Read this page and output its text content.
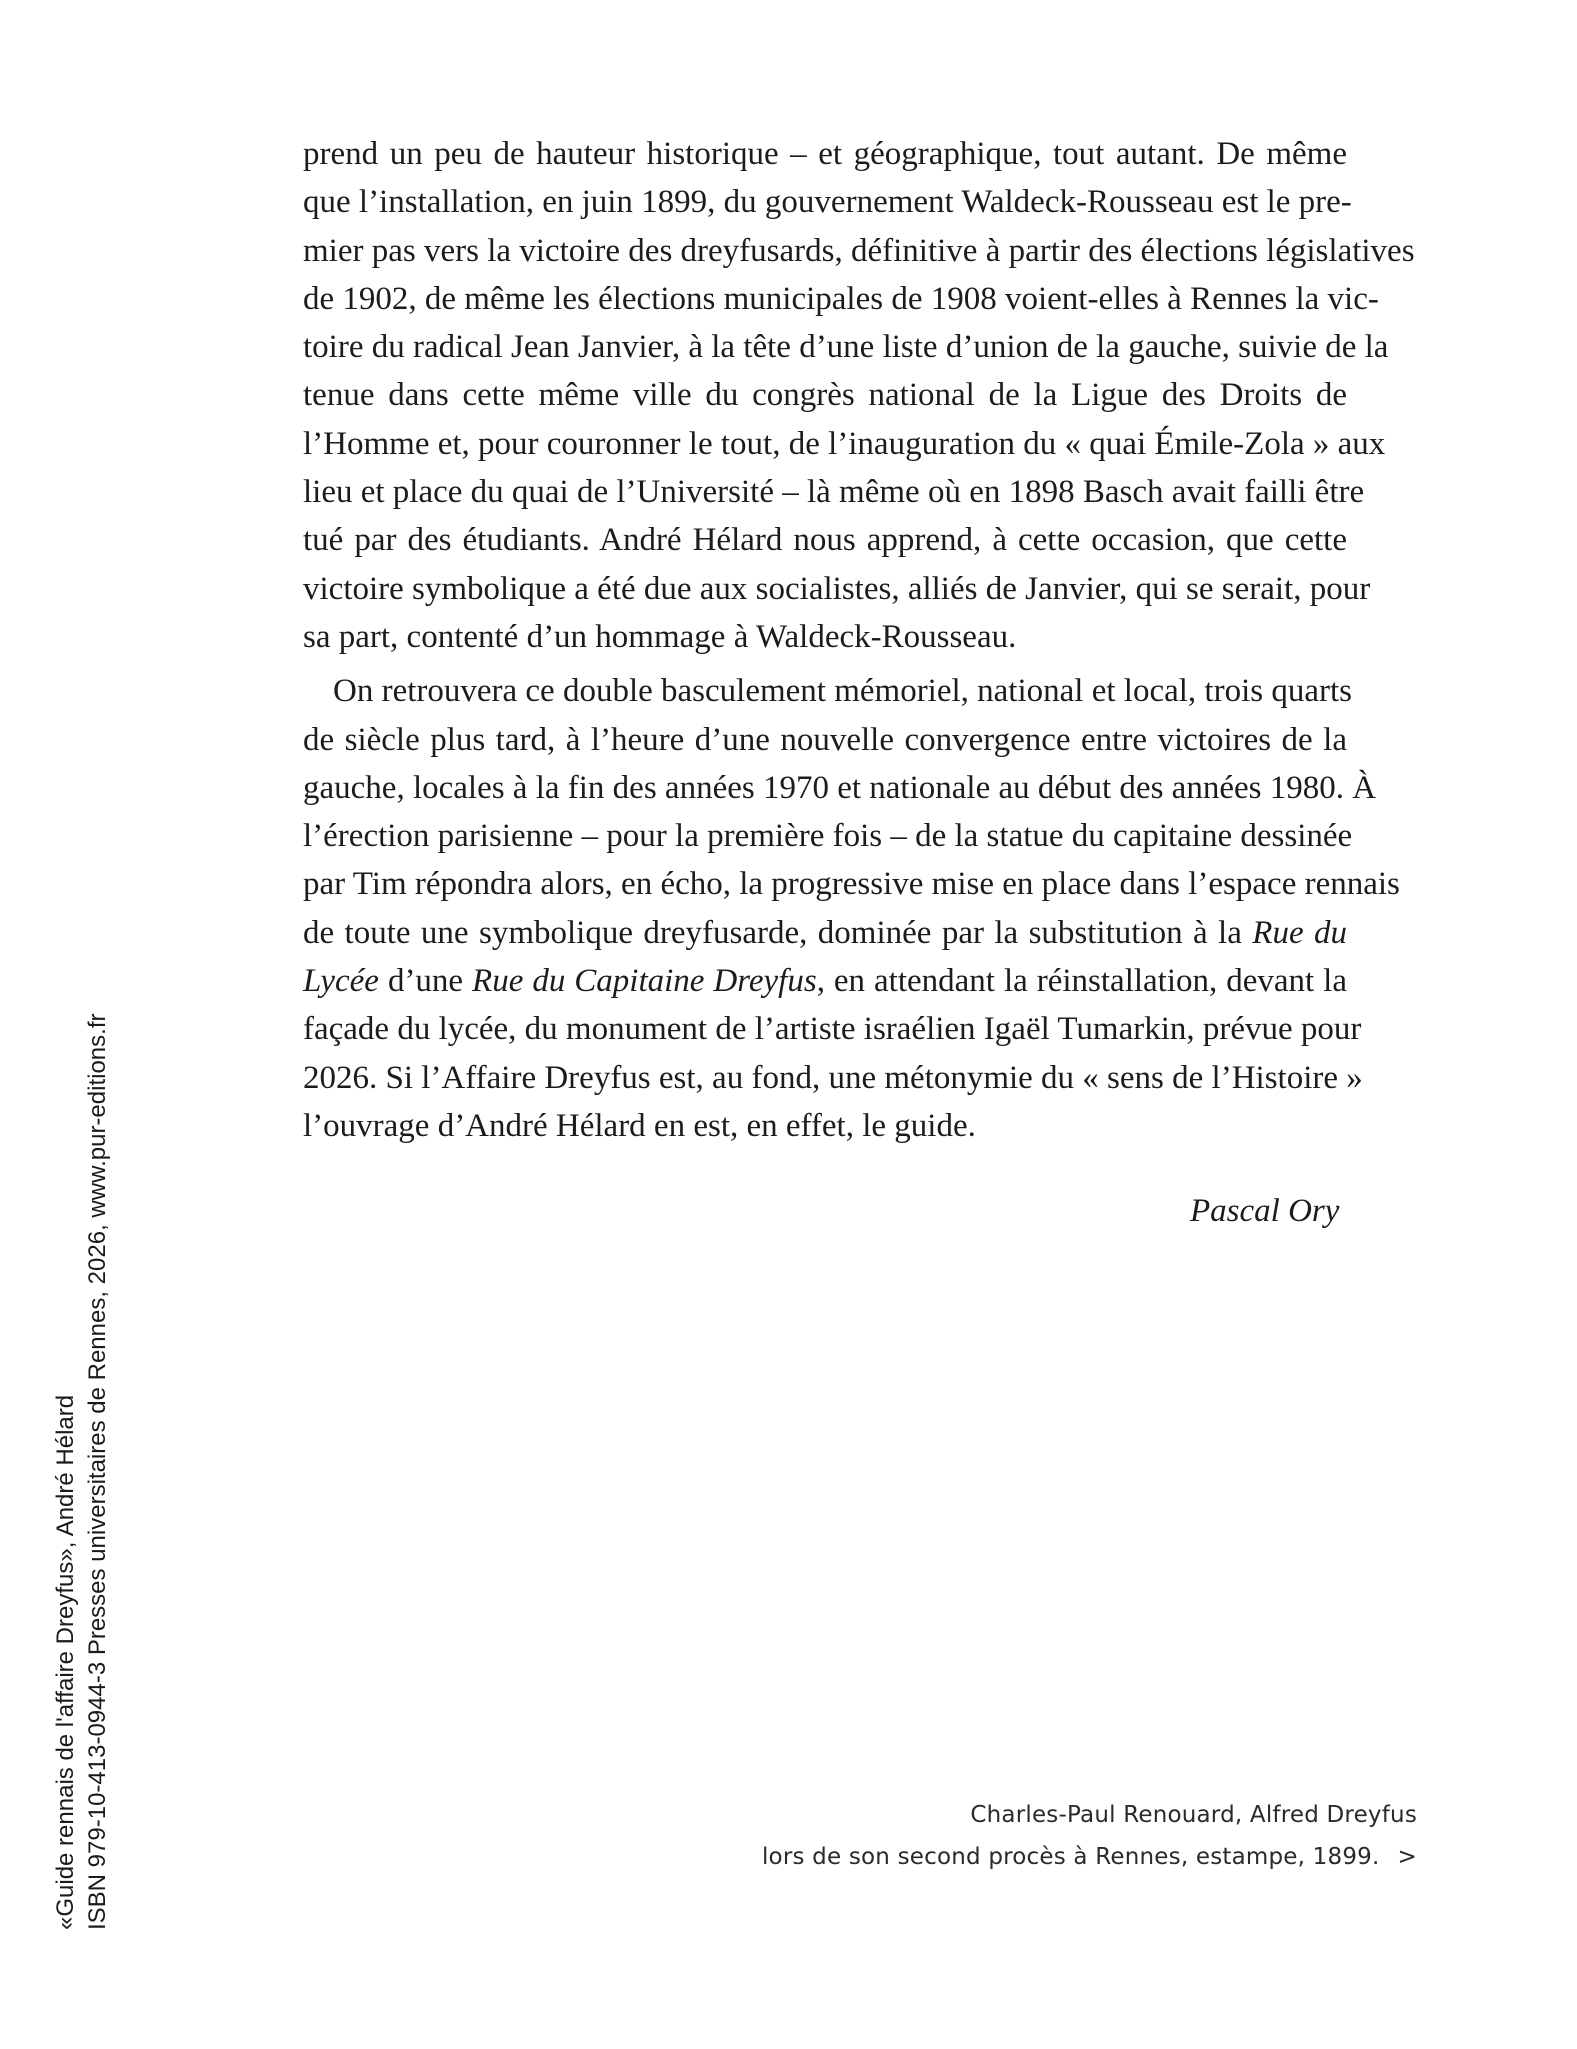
prend un peu de hauteur historique – et géographique, tout autant. De même
que l’installation, en juin 1899, du gouvernement Waldeck-Rousseau est le pre-
mier pas vers la victoire des dreyfusards, définitive à partir des élections législatives
de 1902, de même les élections municipales de 1908 voient-elles à Rennes la vic-
toire du radical Jean Janvier, à la tête d’une liste d’union de la gauche, suivie de la
tenue dans cette même ville du congrès national de la Ligue des Droits de
l’Homme et, pour couronner le tout, de l’inauguration du « quai Émile-Zola » aux
lieu et place du quai de l’Université – là même où en 1898 Basch avait failli être
tué par des étudiants. André Hélard nous apprend, à cette occasion, que cette
victoire symbolique a été due aux socialistes, alliés de Janvier, qui se serait, pour
sa part, contenté d’un hommage à Waldeck-Rousseau.
On retrouvera ce double basculement mémoriel, national et local, trois quarts
de siècle plus tard, à l’heure d’une nouvelle convergence entre victoires de la
gauche, locales à la fin des années 1970 et nationale au début des années 1980. À
l’érection parisienne – pour la première fois – de la statue du capitaine dessinée
par Tim répondra alors, en écho, la progressive mise en place dans l’espace rennais
de toute une symbolique dreyfusarde, dominée par la substitution à la Rue du
Lycée d’une Rue du Capitaine Dreyfus, en attendant la réinstallation, devant la
façade du lycée, du monument de l’artiste israélien Igaël Tumarkin, prévue pour
2026. Si l’Affaire Dreyfus est, au fond, une métonymie du « sens de l’Histoire »
l’ouvrage d’André Hélard en est, en effet, le guide.
Pascal Ory
Charles-Paul Renouard, Alfred Dreyfus
lors de son second procès à Rennes, estampe, 1899. >
«Guide rennais de l'affaire Dreyfus», André Hélard ISBN 979-10-413-0944-3 Presses universitaires de Rennes, 2026, www.pur-editions.fr
